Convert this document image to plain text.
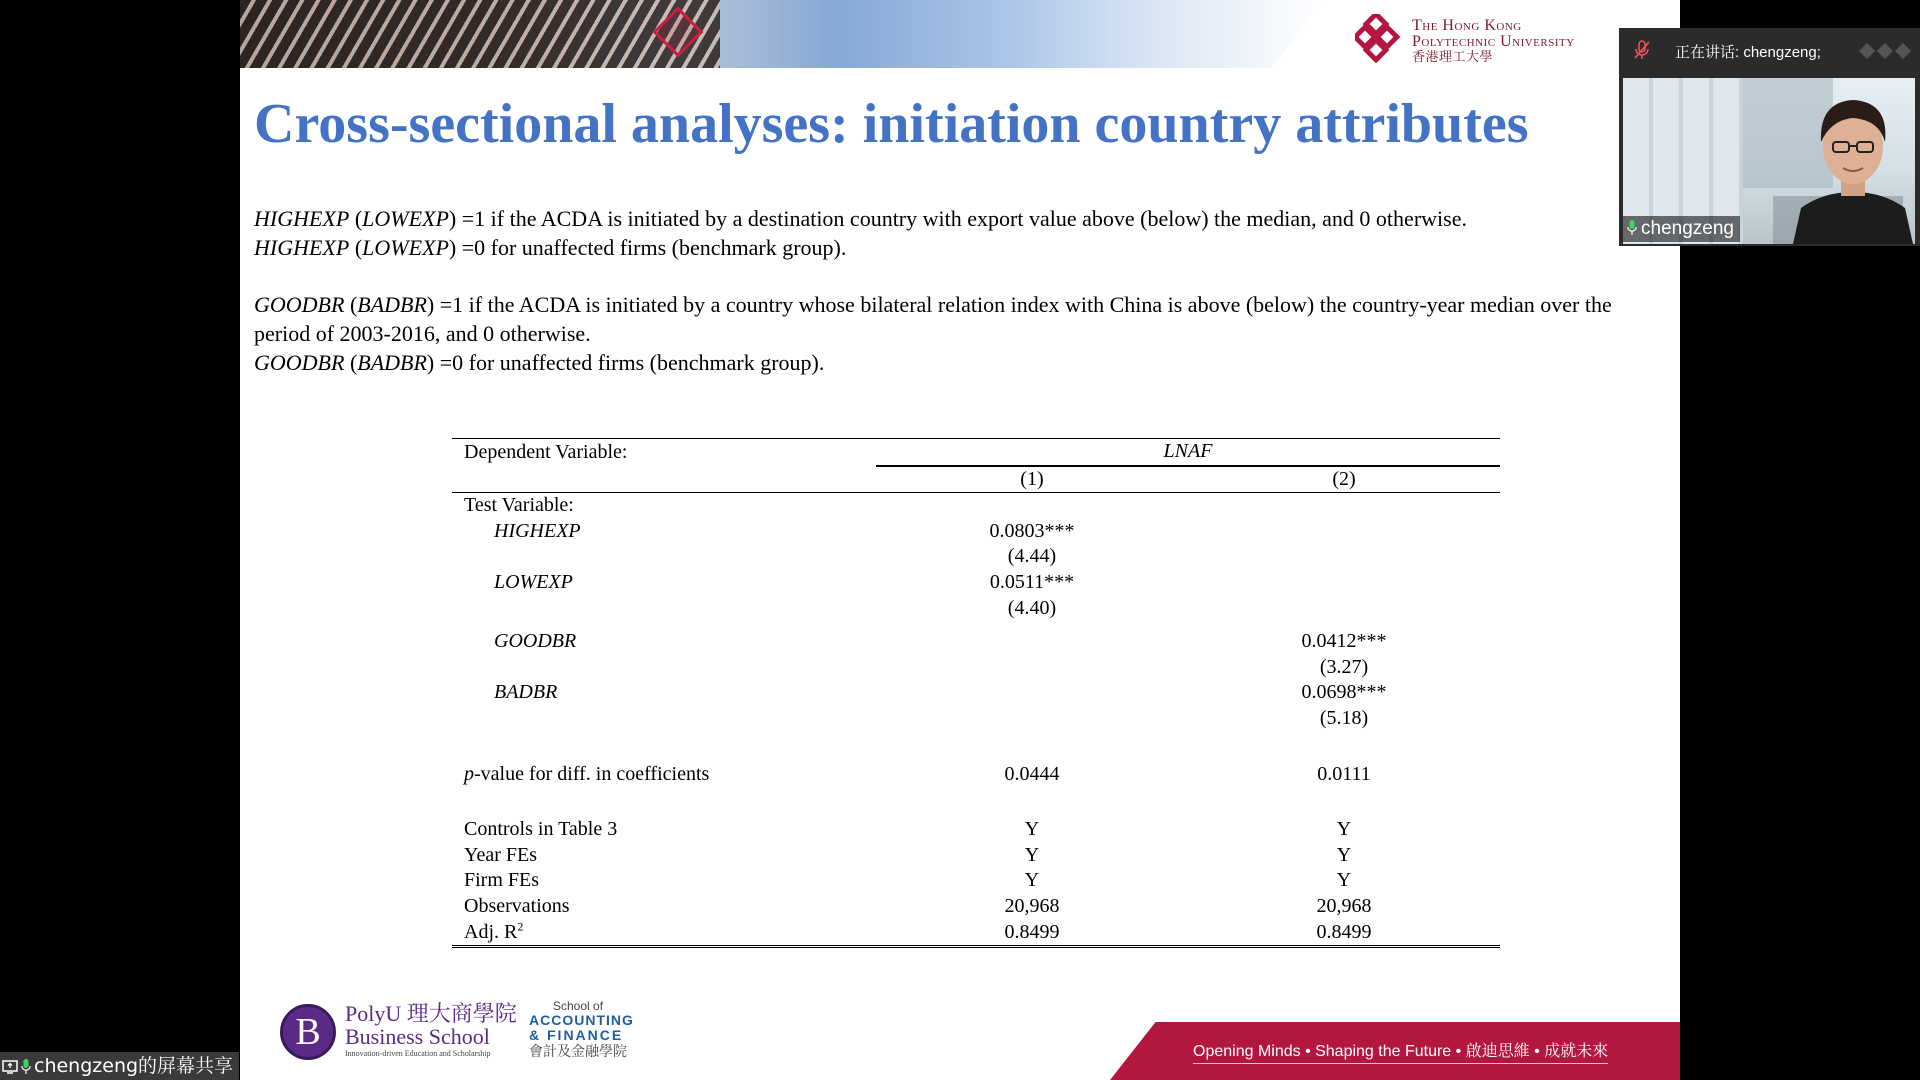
The Hong Kong
Polytechnic University
香港理工大學
Cross-sectional analyses: initiation country attributes
HIGHEXP (LOWEXP) =1 if the ACDA is initiated by a destination country with export value above (below) the median, and 0 otherwise.
HIGHEXP (LOWEXP) =0 for unaffected firms (benchmark group).
GOODBR (BADBR) =1 if the ACDA is initiated by a country whose bilateral relation index with China is above (below) the country-year median over the period of 2003-2016, and 0 otherwise.
GOODBR (BADBR) =0 for unaffected firms (benchmark group).
Dependent Variable:	LNAF	
	(1)	(2)
Test Variable:		
HIGHEXP	0.0803***	
	(4.44)	
LOWEXP	0.0511***	
	(4.40)	
GOODBR		0.0412***
		(3.27)
BADBR		0.0698***
		(5.18)

p-value for diff. in coefficients	0.0444	0.0111

Controls in Table 3	Y	Y
Year FEs	Y	Y
Firm FEs	Y	Y
Observations	20,968	20,968
Adj. $R^2$	0.8499	0.8499
B	PolyU 理大商學院
Business School
Innovation-driven Education and Scholarship
School of
ACCOUNTING
& FINANCE
會計及金融學院	Opening Minds • Shaping the Future • 啟迪思維 • 成就未來
正在讲话: chengzeng;
chengzeng
chengzeng的屏幕共享
